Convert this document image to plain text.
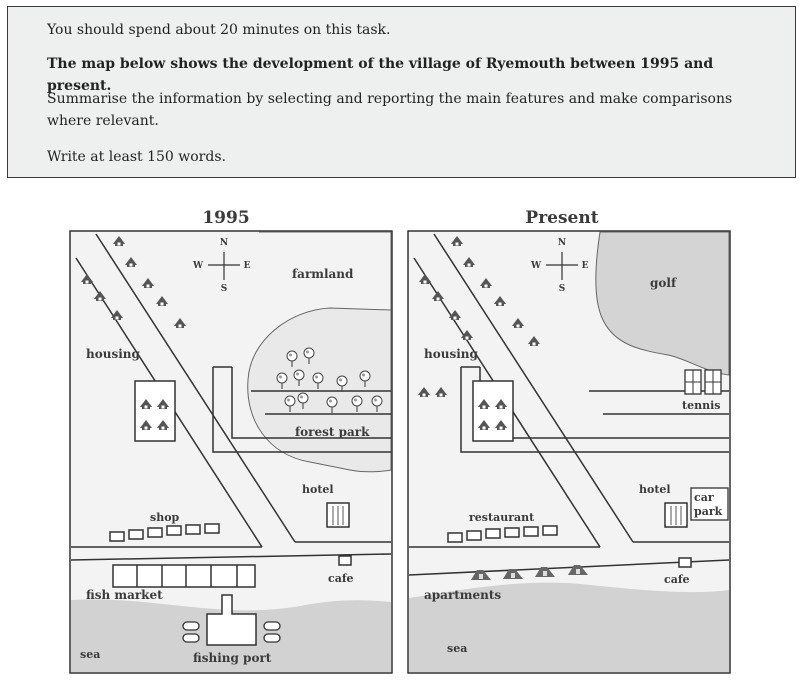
You should spend about 20 minutes on this task.

The map below shows the development of the village of Ryemouth between 1995 and present.

Summarise the information by selecting and reporting the main features and make comparisons where relevant.

Write at least 150 words.

N
S
W	E
1995
farmland
housing
forest park
hotel
shop
cafe
fish market
sea	fishing port
N
S
W	E
Present
golf
housing
tennis
hotel
car
park
restaurant
cafe
apartments
sea
